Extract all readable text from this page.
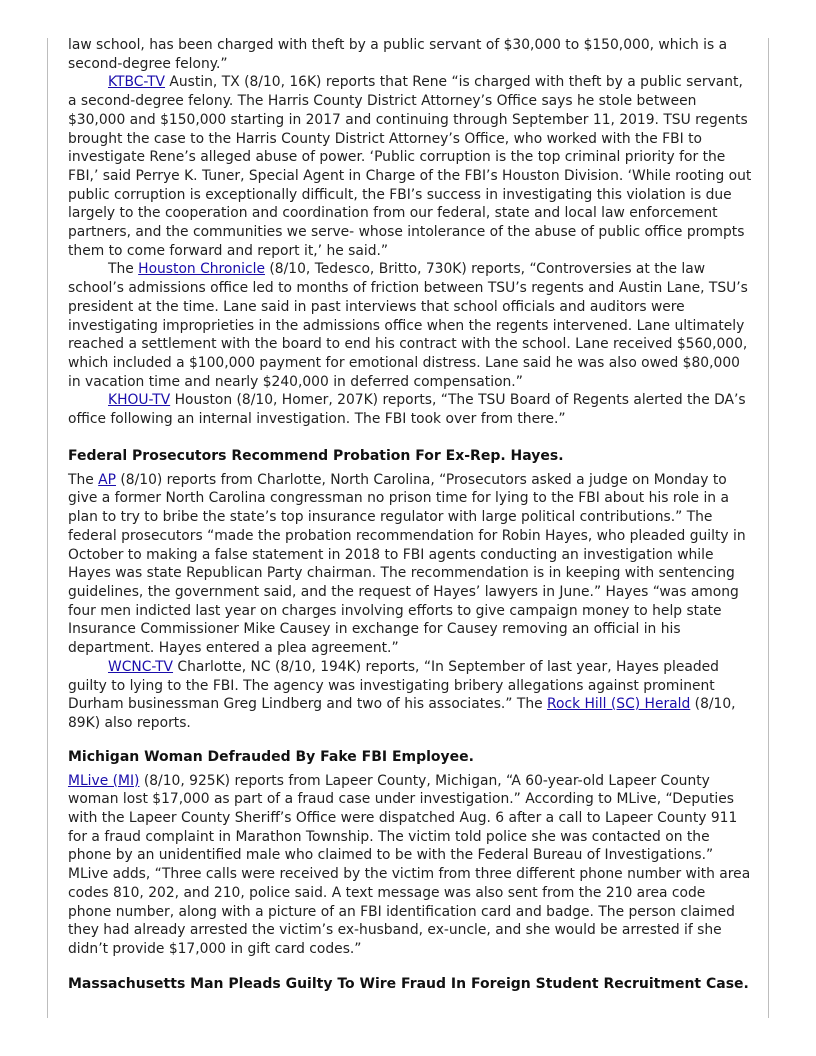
law school, has been charged with theft by a public servant of $30,000 to $150,000, which is a second-degree felony.”

KTBC-TV Austin, TX (8/10, 16K) reports that Rene “is charged with theft by a public servant, a second-degree felony. The Harris County District Attorney’s Office says he stole between $30,000 and $150,000 starting in 2017 and continuing through September 11, 2019. TSU regents brought the case to the Harris County District Attorney’s Office, who worked with the FBI to investigate Rene’s alleged abuse of power. ‘Public corruption is the top criminal priority for the FBI,’ said Perrye K. Tuner, Special Agent in Charge of the FBI’s Houston Division. ‘While rooting out public corruption is exceptionally difficult, the FBI’s success in investigating this violation is due largely to the cooperation and coordination from our federal, state and local law enforcement partners, and the communities we serve- whose intolerance of the abuse of public office prompts them to come forward and report it,’ he said.”

The Houston Chronicle (8/10, Tedesco, Britto, 730K) reports, “Controversies at the law school’s admissions office led to months of friction between TSU’s regents and Austin Lane, TSU’s president at the time. Lane said in past interviews that school officials and auditors were investigating improprieties in the admissions office when the regents intervened. Lane ultimately reached a settlement with the board to end his contract with the school. Lane received $560,000, which included a $100,000 payment for emotional distress. Lane said he was also owed $80,000 in vacation time and nearly $240,000 in deferred compensation.”

KHOU-TV Houston (8/10, Homer, 207K) reports, “The TSU Board of Regents alerted the DA’s office following an internal investigation. The FBI took over from there.”

Federal Prosecutors Recommend Probation For Ex-Rep. Hayes.

The AP (8/10) reports from Charlotte, North Carolina, “Prosecutors asked a judge on Monday to give a former North Carolina congressman no prison time for lying to the FBI about his role in a plan to try to bribe the state’s top insurance regulator with large political contributions.” The federal prosecutors “made the probation recommendation for Robin Hayes, who pleaded guilty in October to making a false statement in 2018 to FBI agents conducting an investigation while Hayes was state Republican Party chairman. The recommendation is in keeping with sentencing guidelines, the government said, and the request of Hayes’ lawyers in June.” Hayes “was among four men indicted last year on charges involving efforts to give campaign money to help state Insurance Commissioner Mike Causey in exchange for Causey removing an official in his department. Hayes entered a plea agreement.”

WCNC-TV Charlotte, NC (8/10, 194K) reports, “In September of last year, Hayes pleaded guilty to lying to the FBI. The agency was investigating bribery allegations against prominent Durham businessman Greg Lindberg and two of his associates.” The Rock Hill (SC) Herald (8/10, 89K) also reports.

Michigan Woman Defrauded By Fake FBI Employee.

MLive (MI) (8/10, 925K) reports from Lapeer County, Michigan, “A 60-year-old Lapeer County woman lost $17,000 as part of a fraud case under investigation.” According to MLive, “Deputies with the Lapeer County Sheriff’s Office were dispatched Aug. 6 after a call to Lapeer County 911 for a fraud complaint in Marathon Township. The victim told police she was contacted on the phone by an unidentified male who claimed to be with the Federal Bureau of Investigations.” MLive adds, “Three calls were received by the victim from three different phone number with area codes 810, 202, and 210, police said. A text message was also sent from the 210 area code phone number, along with a picture of an FBI identification card and badge. The person claimed they had already arrested the victim’s ex-husband, ex-uncle, and she would be arrested if she didn’t provide $17,000 in gift card codes.”

Massachusetts Man Pleads Guilty To Wire Fraud In Foreign Student Recruitment Case.
